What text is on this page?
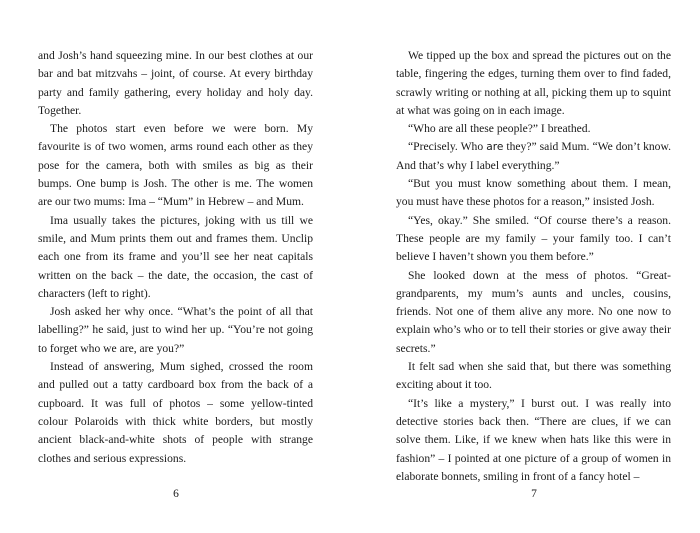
and Josh’s hand squeezing mine. In our best clothes at our bar and bat mitzvahs – joint, of course. At every birthday party and family gathering, every holiday and holy day. Together.

The photos start even before we were born. My favourite is of two women, arms round each other as they pose for the camera, both with smiles as big as their bumps. One bump is Josh. The other is me. The women are our two mums: Ima – “Mum” in Hebrew – and Mum.

Ima usually takes the pictures, joking with us till we smile, and Mum prints them out and frames them. Unclip each one from its frame and you’ll see her neat capitals written on the back – the date, the occasion, the cast of characters (left to right).

Josh asked her why once. “What’s the point of all that labelling?” he said, just to wind her up. “You’re not going to forget who we are, are you?”

Instead of answering, Mum sighed, crossed the room and pulled out a tatty cardboard box from the back of a cupboard. It was full of photos – some yellow-tinted colour Polaroids with thick white borders, but mostly ancient black-and-white shots of people with strange clothes and serious expressions.

6

We tipped up the box and spread the pictures out on the table, fingering the edges, turning them over to find faded, scrawly writing or nothing at all, picking them up to squint at what was going on in each image.

“Who are all these people?” I breathed.

“Precisely. Who are they?” said Mum. “We don’t know. And that’s why I label everything.”

“But you must know something about them. I mean, you must have these photos for a reason,” insisted Josh.

“Yes, okay.” She smiled. “Of course there’s a reason. These people are my family – your family too. I can’t believe I haven’t shown you them before.”

She looked down at the mess of photos. “Great-grandparents, my mum’s aunts and uncles, cousins, friends. Not one of them alive any more. No one now to explain who’s who or to tell their stories or give away their secrets.”

It felt sad when she said that, but there was something exciting about it too.

“It’s like a mystery,” I burst out. I was really into detective stories back then. “There are clues, if we can solve them. Like, if we knew when hats like this were in fashion” – I pointed at one picture of a group of women in elaborate bonnets, smiling in front of a fancy hotel –

7
